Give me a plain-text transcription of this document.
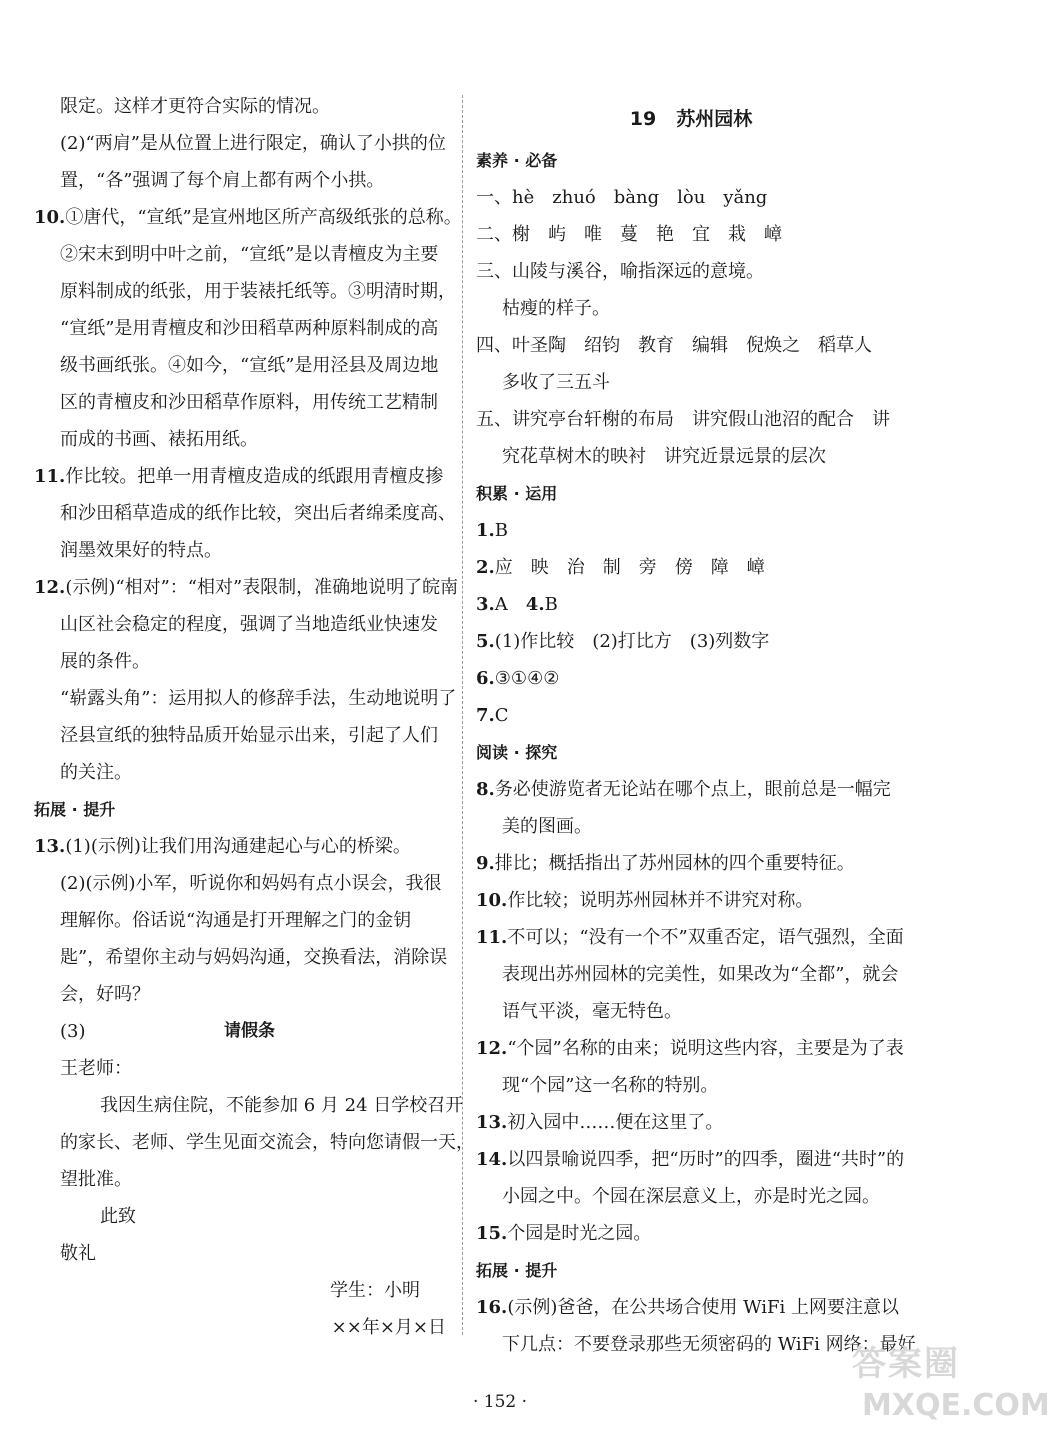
限定。这样才更符合实际的情况。
(2)“两肩”是从位置上进行限定，确认了小拱的位
置，“各”强调了每个肩上都有两个小拱。
10.①唐代，“宣纸”是宣州地区所产高级纸张的总称。
②宋末到明中叶之前，“宣纸”是以青檀皮为主要
原料制成的纸张，用于装裱托纸等。③明清时期，
“宣纸”是用青檀皮和沙田稻草两种原料制成的高
级书画纸张。④如今，“宣纸”是用泾县及周边地
区的青檀皮和沙田稻草作原料，用传统工艺精制
而成的书画、裱拓用纸。
11.作比较。把单一用青檀皮造成的纸跟用青檀皮掺
和沙田稻草造成的纸作比较，突出后者绵柔度高、
润墨效果好的特点。
12.(示例)“相对”：“相对”表限制，准确地说明了皖南
山区社会稳定的程度，强调了当地造纸业快速发
展的条件。
“崭露头角”：运用拟人的修辞手法，生动地说明了
泾县宣纸的独特品质开始显示出来，引起了人们
的关注。
拓展 · 提升
13.(1)(示例)让我们用沟通建起心与心的桥梁。
(2)(示例)小军，听说你和妈妈有点小误会，我很
理解你。俗话说“沟通是打开理解之门的金钥
匙”，希望你主动与妈妈沟通，交换看法，消除误
会，好吗？
(3)	请假条
王老师：
我因生病住院，不能参加 6 月 24 日学校召开
的家长、老师、学生见面交流会，特向您请假一天，
望批准。
此致
敬礼
学生：小明
××年×月×日
19 苏州园林
素养 · 必备
一、hè　zhuó　bàng　lòu　yǎng
二、榭　屿　唯　蔓　艳　宜　栽　嶂
三、山陵与溪谷，喻指深远的意境。
枯瘦的样子。
四、叶圣陶　绍钧　教育　编辑　倪焕之　稻草人
多收了三五斗
五、讲究亭台轩榭的布局　讲究假山池沼的配合　讲
究花草树木的映衬　讲究近景远景的层次
积累 · 运用
1.B
2.应　映　治　制　旁　傍　障　嶂
3.A　4.B
5.(1)作比较　(2)打比方　(3)列数字
6.③①④②
7.C
阅读 · 探究
8.务必使游览者无论站在哪个点上，眼前总是一幅完
美的图画。
9.排比；概括指出了苏州园林的四个重要特征。
10.作比较；说明苏州园林并不讲究对称。
11.不可以；“没有一个不”双重否定，语气强烈，全面
表现出苏州园林的完美性，如果改为“全都”，就会
语气平淡，毫无特色。
12.“个园”名称的由来；说明这些内容，主要是为了表
现“个园”这一名称的特别。
13.初入园中……便在这里了。
14.以四景喻说四季，把“历时”的四季，圈进“共时”的
小园之中。个园在深层意义上，亦是时光之园。
15.个园是时光之园。
拓展 · 提升
16.(示例)爸爸，在公共场合使用 WiFi 上网要注意以
下几点：不要登录那些无须密码的 WiFi 网络；最好
· 152 ·
答案圈
MXQE.COM
